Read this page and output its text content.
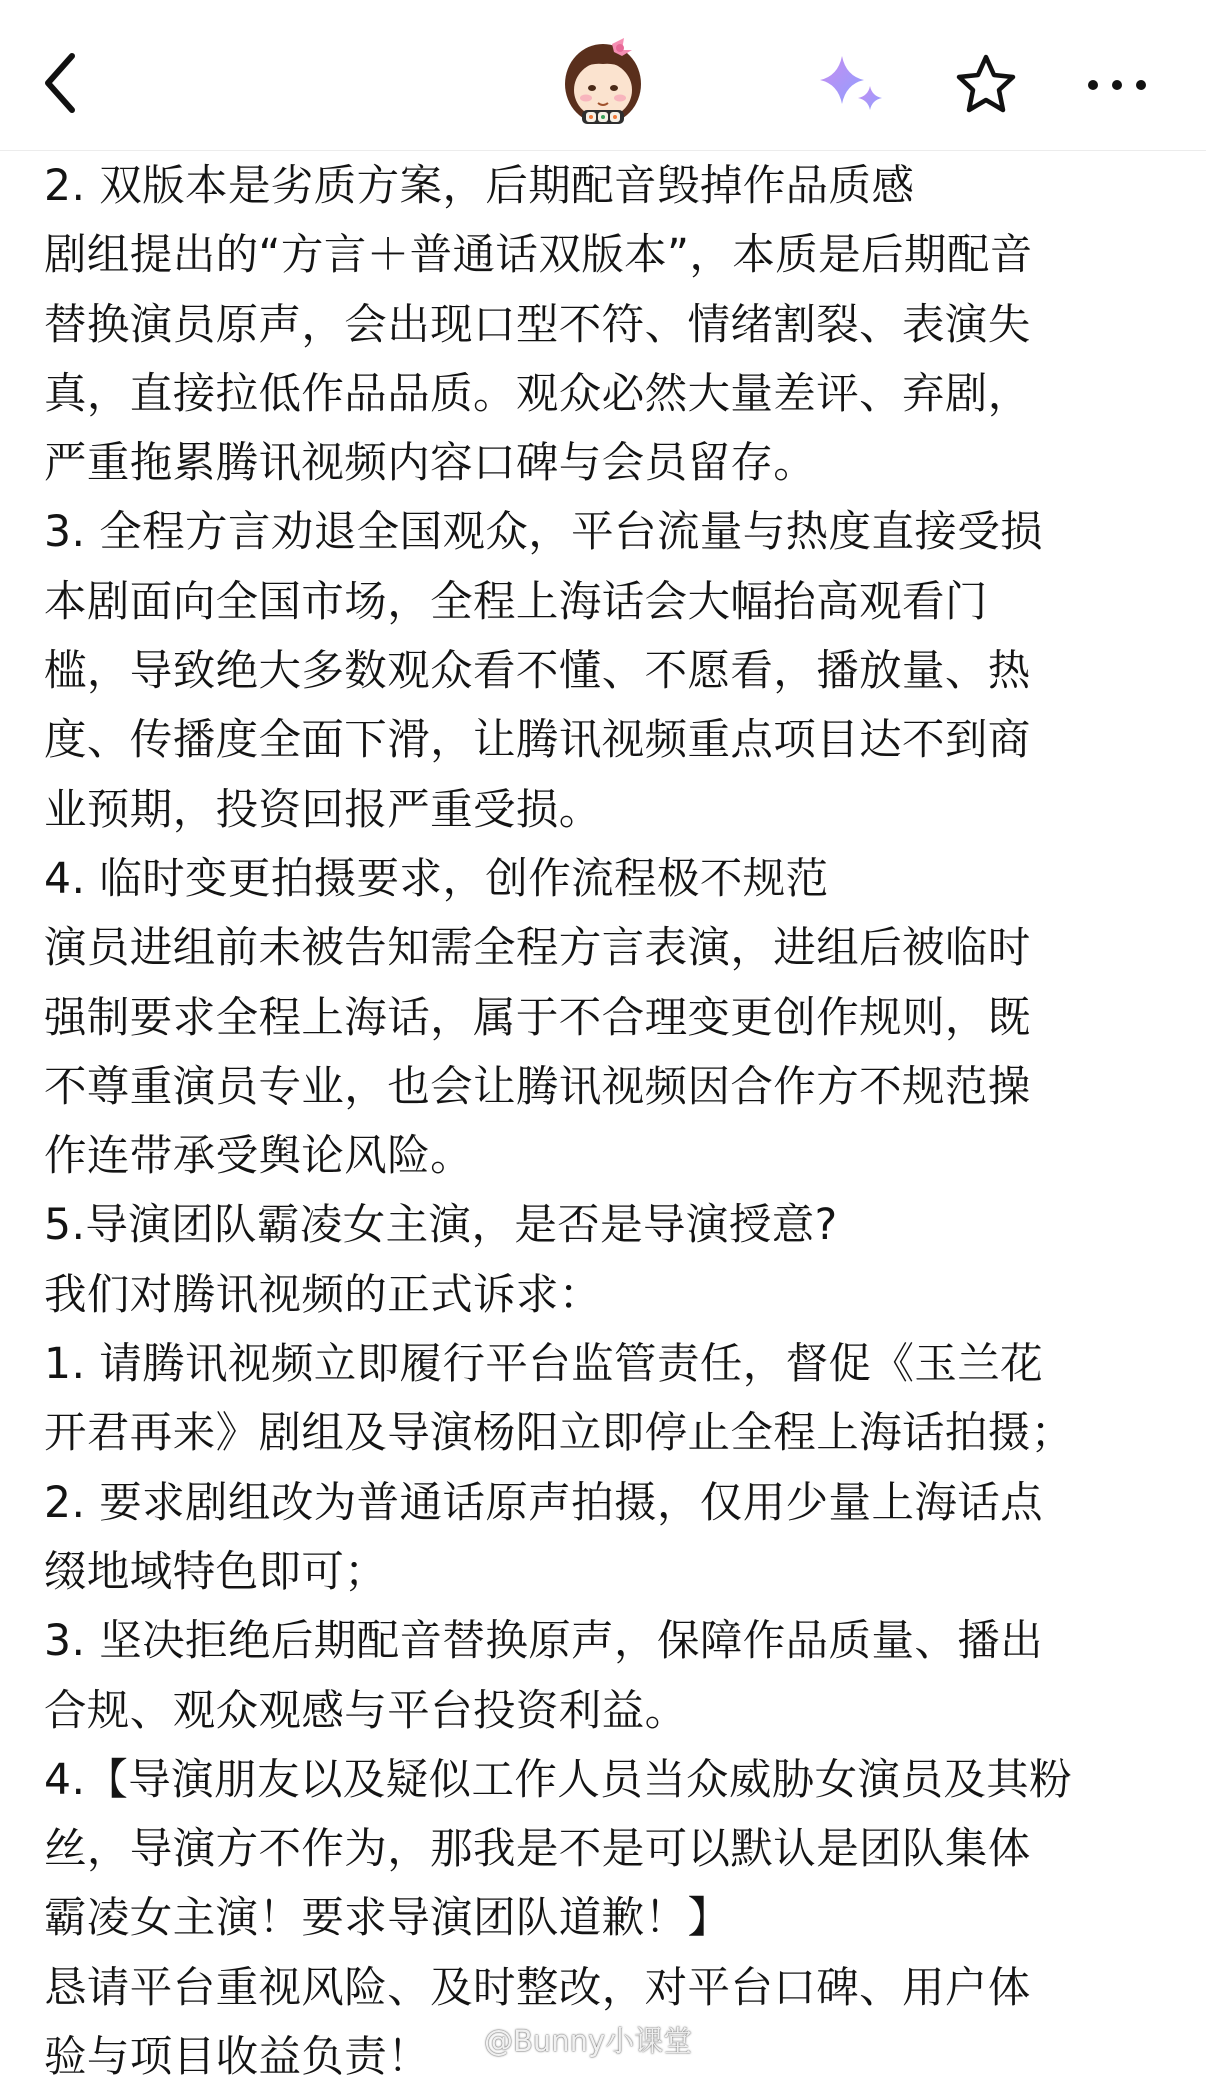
2. 双版本是劣质方案，后期配音毁掉作品质感
剧组提出的“方言＋普通话双版本”，本质是后期配音
替换演员原声，会出现口型不符、情绪割裂、表演失
真，直接拉低作品品质。观众必然大量差评、弃剧，
严重拖累腾讯视频内容口碑与会员留存。
3. 全程方言劝退全国观众，平台流量与热度直接受损
本剧面向全国市场，全程上海话会大幅抬高观看门
槛，导致绝大多数观众看不懂、不愿看，播放量、热
度、传播度全面下滑，让腾讯视频重点项目达不到商
业预期，投资回报严重受损。
4. 临时变更拍摄要求，创作流程极不规范
演员进组前未被告知需全程方言表演，进组后被临时
强制要求全程上海话，属于不合理变更创作规则，既
不尊重演员专业，也会让腾讯视频因合作方不规范操
作连带承受舆论风险。
5.导演团队霸凌女主演，是否是导演授意?
我们对腾讯视频的正式诉求：
1. 请腾讯视频立即履行平台监管责任，督促《玉兰花
开君再来》剧组及导演杨阳立即停止全程上海话拍摄；
2. 要求剧组改为普通话原声拍摄，仅用少量上海话点
缀地域特色即可；
3. 坚决拒绝后期配音替换原声，保障作品质量、播出
合规、观众观感与平台投资利益。
4.【导演朋友以及疑似工作人员当众威胁女演员及其粉
丝，导演方不作为，那我是不是可以默认是团队集体
霸凌女主演！要求导演团队道歉！】
恳请平台重视风险、及时整改，对平台口碑、用户体
验与项目收益负责！	@Bunny小课堂
